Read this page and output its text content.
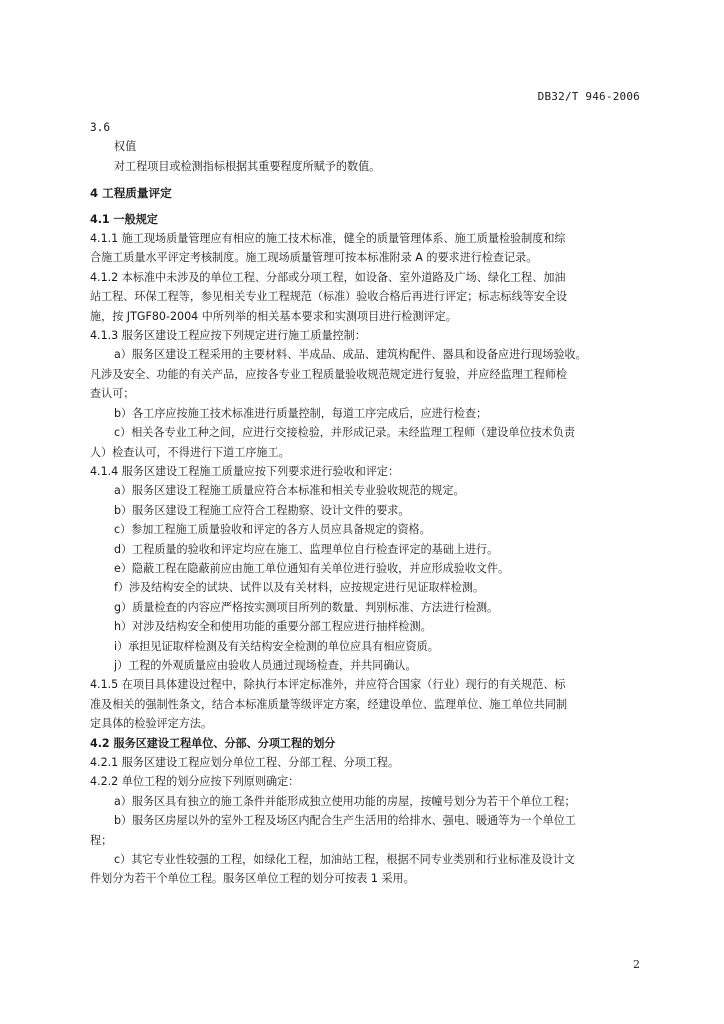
DB32/T 946-2006

3.6

权值

对工程项目或检测指标根据其重要程度所赋予的数值。

4 工程质量评定

4.1 一般规定

4.1.1 施工现场质量管理应有相应的施工技术标准，健全的质量管理体系、施工质量检验制度和综

合施工质量水平评定考核制度。施工现场质量管理可按本标准附录 A 的要求进行检查记录。

4.1.2 本标准中未涉及的单位工程、分部或分项工程，如设备、室外道路及广场、绿化工程、加油

站工程、环保工程等，参见相关专业工程规范（标准）验收合格后再进行评定；标志标线等安全设

施，按 JTGF80-2004 中所列举的相关基本要求和实测项目进行检测评定。

4.1.3 服务区建设工程应按下列规定进行施工质量控制：

a）服务区建设工程采用的主要材料、半成品、成品、建筑构配件、器具和设备应进行现场验收。

凡涉及安全、功能的有关产品，应按各专业工程质量验收规范规定进行复验，并应经监理工程师检

查认可；

b）各工序应按施工技术标准进行质量控制，每道工序完成后，应进行检查；

c）相关各专业工种之间，应进行交接检验，并形成记录。未经监理工程师（建设单位技术负责

人）检查认可，不得进行下道工序施工。

4.1.4 服务区建设工程施工质量应按下列要求进行验收和评定：

a）服务区建设工程施工质量应符合本标准和相关专业验收规范的规定。

b）服务区建设工程施工应符合工程勘察、设计文件的要求。

c）参加工程施工质量验收和评定的各方人员应具备规定的资格。

d）工程质量的验收和评定均应在施工、监理单位自行检查评定的基础上进行。

e）隐蔽工程在隐蔽前应由施工单位通知有关单位进行验收，并应形成验收文件。

f）涉及结构安全的试块、试件以及有关材料，应按规定进行见证取样检测。

g）质量检查的内容应严格按实测项目所列的数量、判别标准、方法进行检测。

h）对涉及结构安全和使用功能的重要分部工程应进行抽样检测。

i）承担见证取样检测及有关结构安全检测的单位应具有相应资质。

j）工程的外观质量应由验收人员通过现场检查，并共同确认。

4.1.5 在项目具体建设过程中，除执行本评定标准外，并应符合国家（行业）现行的有关规范、标

准及相关的强制性条文，结合本标准质量等级评定方案，经建设单位、监理单位、施工单位共同制

定具体的检验评定方法。

4.2 服务区建设工程单位、分部、分项工程的划分

4.2.1 服务区建设工程应划分单位工程、分部工程、分项工程。

4.2.2 单位工程的划分应按下列原则确定：

a）服务区具有独立的施工条件并能形成独立使用功能的房屋，按幢号划分为若干个单位工程；

b）服务区房屋以外的室外工程及场区内配合生产生活用的给排水、强电、暖通等为一个单位工

程；

c）其它专业性较强的工程，如绿化工程，加油站工程，根据不同专业类别和行业标准及设计文

件划分为若干个单位工程。服务区单位工程的划分可按表 1 采用。

2
